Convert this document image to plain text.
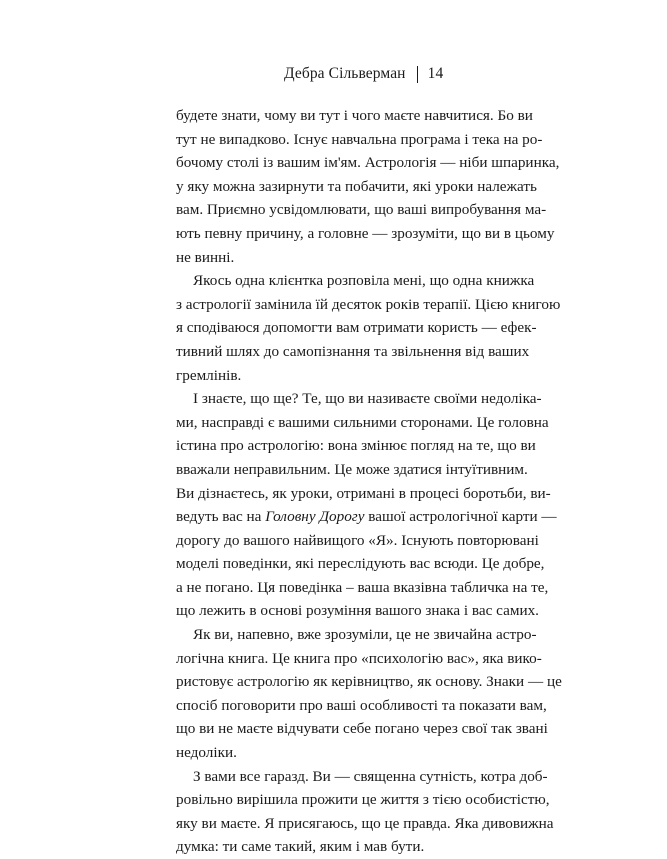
Дебра Сільверман 14
будете знати, чому ви тут і чого маєте навчитися. Бо ви
тут не випадково. Існує навчальна програма і тека на ро-
бочому столі із вашим ім'ям. Астрологія — ніби шпаринка,
у яку можна зазирнути та побачити, які уроки належать
вам. Приємно усвідомлювати, що ваші випробування ма-
ють певну причину, а головне — зрозуміти, що ви в цьому
не винні.
Якось одна клієнтка розповіла мені, що одна книжка
з астрології замінила їй десяток років терапії. Цією книгою
я сподіваюся допомогти вам отримати користь — ефек-
тивний шлях до самопізнання та звільнення від ваших
гремлінів.
І знаєте, що ще? Те, що ви називаєте своїми недоліка-
ми, насправді є вашими сильними сторонами. Це головна
істина про астрологію: вона змінює погляд на те, що ви
вважали неправильним. Це може здатися інтуїтивним.
Ви дізнаєтесь, як уроки, отримані в процесі боротьби, ви-
ведуть вас на Головну Дорогу вашої астрологічної карти —
дорогу до вашого найвищого «Я». Існують повторювані
моделі поведінки, які переслідують вас всюди. Це добре,
а не погано. Ця поведінка – ваша вказівна табличка на те,
що лежить в основі розуміння вашого знака і вас самих.
Як ви, напевно, вже зрозуміли, це не звичайна астро-
логічна книга. Це книга про «психологію вас», яка вико-
ристовує астрологію як керівництво, як основу. Знаки — це
спосіб поговорити про ваші особливості та показати вам,
що ви не маєте відчувати себе погано через свої так звані
недоліки.
З вами все гаразд. Ви — священна сутність, котра доб-
ровільно вирішила прожити це життя з тією особистістю,
яку ви маєте. Я присягаюсь, що це правда. Яка дивовижна
думка: ти саме такий, яким і мав бути.
